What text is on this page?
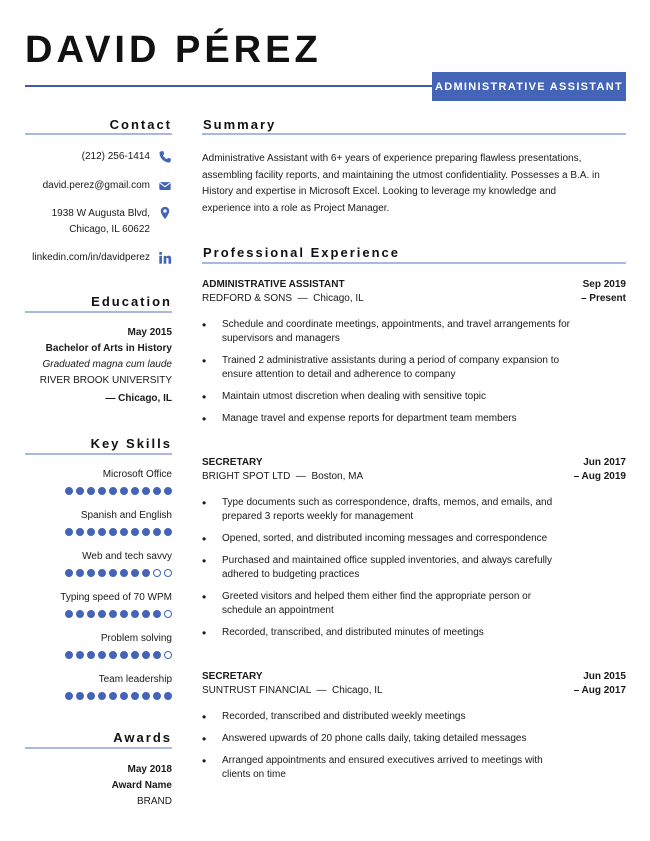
DAVID PÉREZ
ADMINISTRATIVE ASSISTANT
Contact
(212) 256-1414
david.perez@gmail.com
1938 W Augusta Blvd,
Chicago, IL 60622
linkedin.com/in/davidperez
Education
May 2015
Bachelor of Arts in History
Graduated magna cum laude
RIVER BROOK UNIVERSITY
— Chicago, IL
Key Skills
Microsoft Office
Spanish and English
Web and tech savvy
Typing speed of 70 WPM
Problem solving
Team leadership
Awards
May 2018
Award Name
BRAND
Summary
Administrative Assistant with 6+ years of experience preparing flawless presentations, assembling facility reports, and maintaining the utmost confidentiality. Possesses a B.A. in History and expertise in Microsoft Excel. Looking to leverage my knowledge and experience into a role as Project Manager.
Professional Experience
ADMINISTRATIVE ASSISTANT
REDFORD & SONS  —  Chicago, IL
Sep 2019
– Present
• Schedule and coordinate meetings, appointments, and travel arrangements for supervisors and managers
• Trained 2 administrative assistants during a period of company expansion to ensure attention to detail and adherence to company
• Maintain utmost discretion when dealing with sensitive topic
• Manage travel and expense reports for department team members
SECRETARY
BRIGHT SPOT LTD  —  Boston, MA
Jun 2017
– Aug 2019
• Type documents such as correspondence, drafts, memos, and emails, and prepared 3 reports weekly for management
• Opened, sorted, and distributed incoming messages and correspondence
• Purchased and maintained office suppled inventories, and always carefully adhered to budgeting practices
• Greeted visitors and helped them either find the appropriate person or schedule an appointment
• Recorded, transcribed, and distributed minutes of meetings
SECRETARY
SUNTRUST FINANCIAL  —  Chicago, IL
Jun 2015
– Aug 2017
• Recorded, transcribed and distributed weekly meetings
• Answered upwards of 20 phone calls daily, taking detailed messages
• Arranged appointments and ensured executives arrived to meetings with clients on time
